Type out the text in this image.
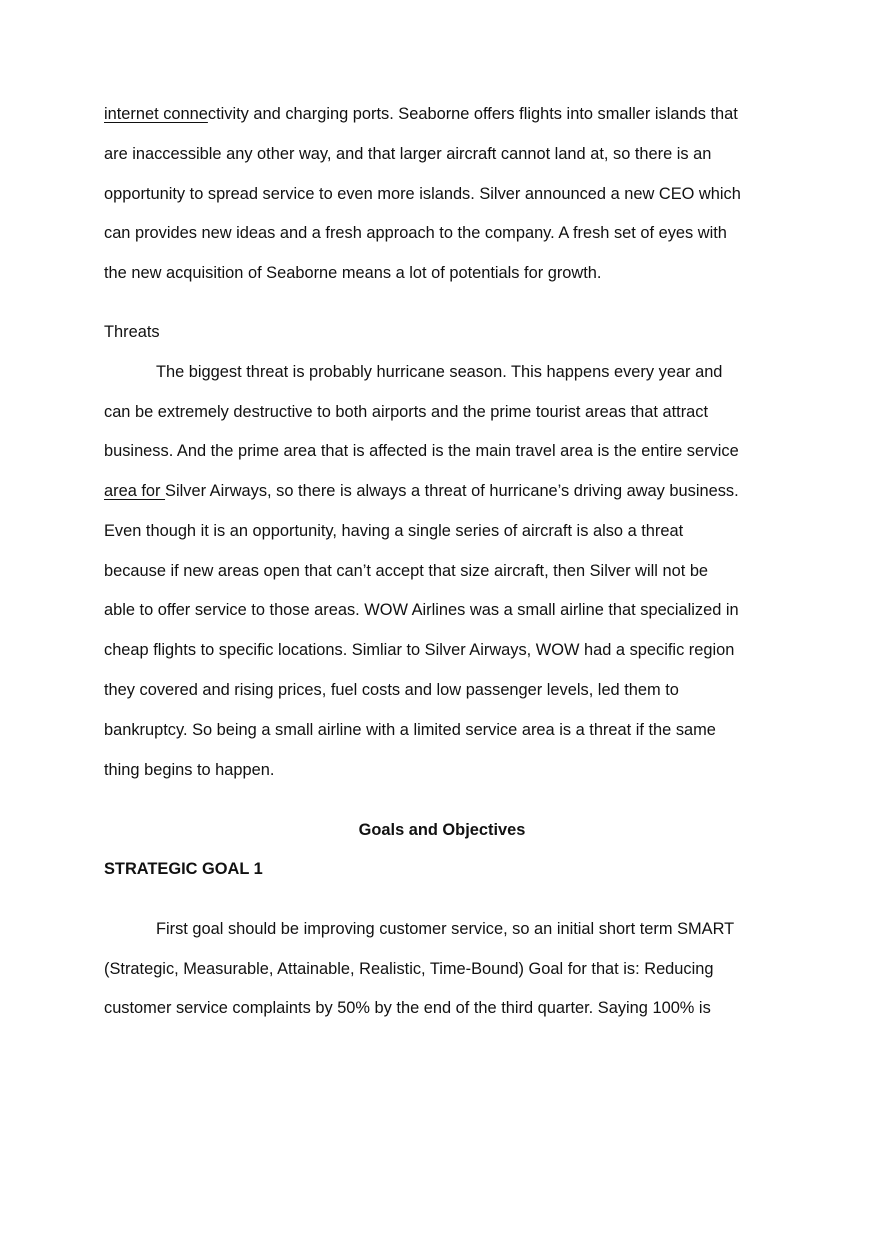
internet connectivity and charging ports. Seaborne offers flights into smaller islands that
are inaccessible any other way, and that larger aircraft cannot land at, so there is an
opportunity to spread service to even more islands. Silver announced a new CEO which
can provides new ideas and a fresh approach to the company. A fresh set of eyes with
the new acquisition of Seaborne means a lot of potentials for growth.
Threats
The biggest threat is probably hurricane season. This happens every year and
can be extremely destructive to both airports and the prime tourist areas that attract
business. And the prime area that is affected is the main travel area is the entire service
area for Silver Airways, so there is always a threat of hurricane’s driving away business.
Even though it is an opportunity, having a single series of aircraft is also a threat
because if new areas open that can’t accept that size aircraft, then Silver will not be
able to offer service to those areas. WOW Airlines was a small airline that specialized in
cheap flights to specific locations. Simliar to Silver Airways, WOW had a specific region
they covered and rising prices, fuel costs and low passenger levels, led them to
bankruptcy. So being a small airline with a limited service area is a threat if the same
thing begins to happen.
Goals and Objectives
STRATEGIC GOAL 1
First goal should be improving customer service, so an initial short term SMART
(Strategic, Measurable, Attainable, Realistic, Time-Bound) Goal for that is: Reducing
customer service complaints by 50% by the end of the third quarter. Saying 100% is
